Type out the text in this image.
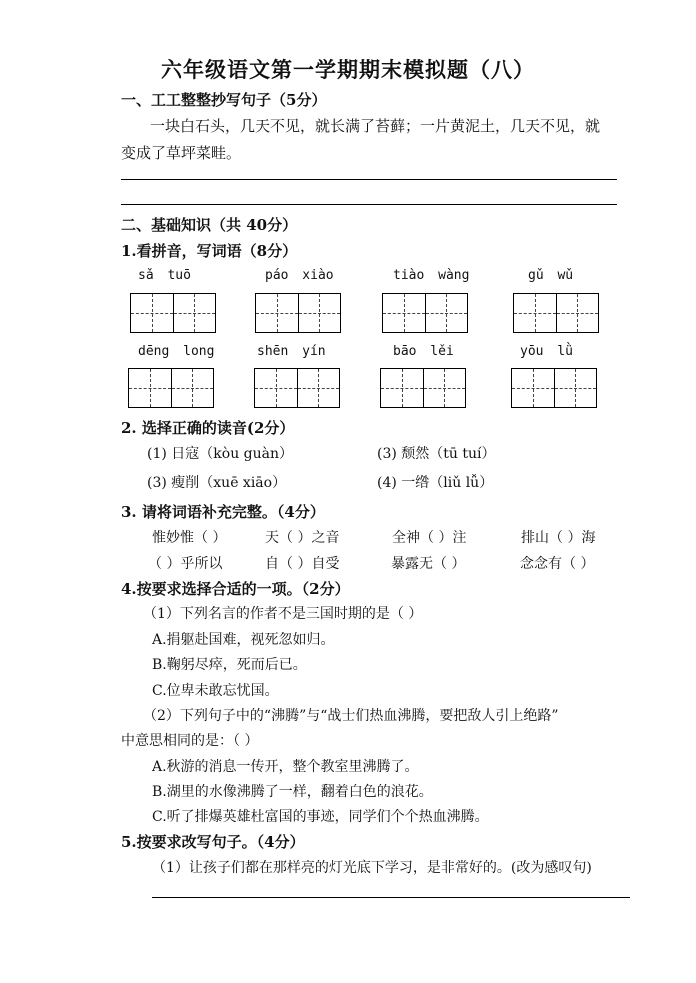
六年级语文第一学期期末模拟题（八）
一、工工整整抄写句子（5分）
一块白石头，几天不见，就长满了苔藓；一片黄泥土，几天不见，就
变成了草坪菜畦。
二、基础知识（共 40分）
1.看拼音，写词语（8分）
sǎ tuō	páo xiào	tiào wàng	gǔ wǔ
dēng long	shēn yín	bāo lěi	yōu lǜ
2. 选择正确的读音(2分）
(1) 日寇（kòu guàn）	(3) 颓然（tū tuí）
(3) 瘦削（xuē xiāo）	(4) 一绺（liǔ lǚ）
3. 请将词语补充完整。（4分）
惟妙惟（ ）	天（ ）之音	全神（ ）注	排山（ ）海
（ ）乎所以	自（ ）自受	暴露无（ ）	念念有（ ）
4.按要求选择合适的一项。（2分）
（1）下列名言的作者不是三国时期的是（ ）
A.捐躯赴国难，视死忽如归。
B.鞠躬尽瘁，死而后已。
C.位卑未敢忘忧国。
（2）下列句子中的“沸腾”与“战士们热血沸腾，要把敌人引上绝路”
中意思相同的是：（ ）
A.秋游的消息一传开，整个教室里沸腾了。
B.湖里的水像沸腾了一样，翻着白色的浪花。
C.听了排爆英雄杜富国的事迹，同学们个个热血沸腾。
5.按要求改写句子。（4分）
（1）让孩子们都在那样亮的灯光底下学习，是非常好的。(改为感叹句)
